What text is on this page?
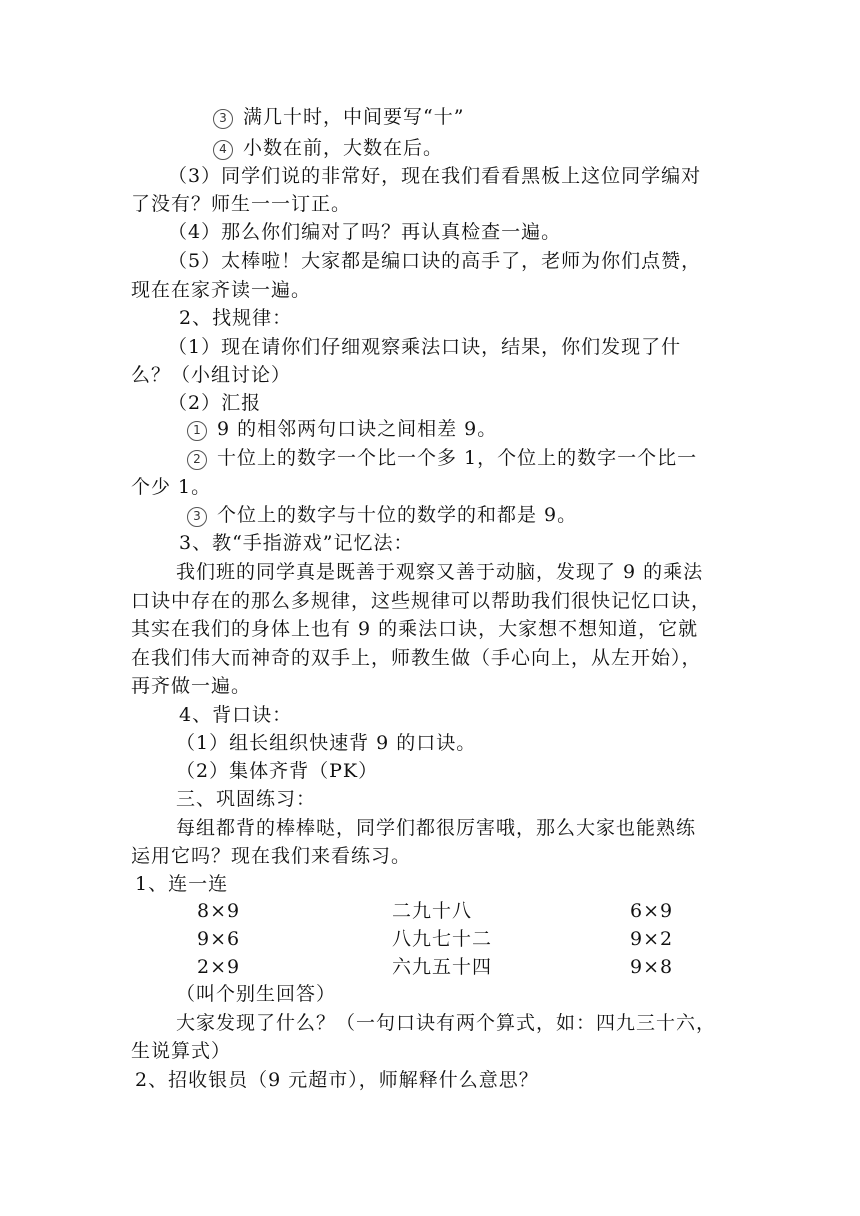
3 满几十时，中间要写“十”
4 小数在前，大数在后。
（3）同学们说的非常好，现在我们看看黑板上这位同学编对
了没有？师生一一订正。
（4）那么你们编对了吗？再认真检查一遍。
（5）太棒啦！大家都是编口诀的高手了，老师为你们点赞，
现在在家齐读一遍。
2、找规律：
（1）现在请你们仔细观察乘法口诀，结果，你们发现了什
么？（小组讨论）
（2）汇报
1 9 的相邻两句口诀之间相差 9。
2 十位上的数字一个比一个多 1，个位上的数字一个比一
个少 1。
3 个位上的数字与十位的数学的和都是 9。
3、教“手指游戏”记忆法：
我们班的同学真是既善于观察又善于动脑，发现了 9 的乘法
口诀中存在的那么多规律，这些规律可以帮助我们很快记忆口诀，
其实在我们的身体上也有 9 的乘法口诀，大家想不想知道，它就
在我们伟大而神奇的双手上，师教生做（手心向上，从左开始），
再齐做一遍。
4、背口诀：
（1）组长组织快速背 9 的口诀。
（2）集体齐背（PK）
三、巩固练习：
每组都背的棒棒哒，同学们都很厉害哦，那么大家也能熟练
运用它吗？现在我们来看练习。
1、连一连
8×9	二九十八	6×9
9×6	八九七十二	9×2
2×9	六九五十四	9×8
（叫个别生回答）
大家发现了什么？（一句口诀有两个算式，如：四九三十六，
生说算式）
2、招收银员（9 元超市），师解释什么意思？
